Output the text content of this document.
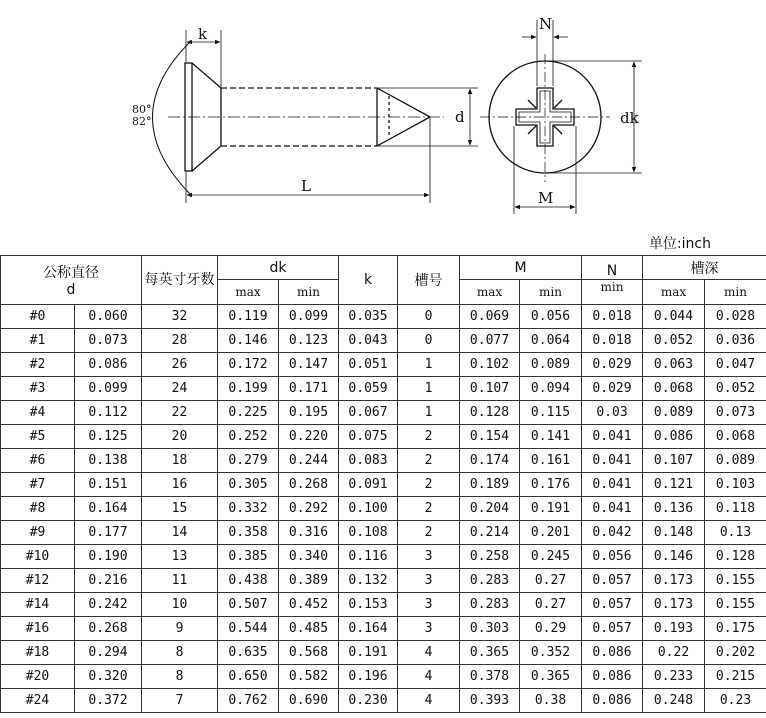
k
N
d	dk
L
M
80°
82°
单位:inch
公称直径
d		每英寸牙数	dk		k	槽号	M		N	槽深	
			max	min			max	min	min	max	min
#0	0.060	32	0.119	0.099	0.035	0	0.069	0.056	0.018	0.044	0.028
#1	0.073	28	0.146	0.123	0.043	0	0.077	0.064	0.018	0.052	0.036
#2	0.086	26	0.172	0.147	0.051	1	0.102	0.089	0.029	0.063	0.047
#3	0.099	24	0.199	0.171	0.059	1	0.107	0.094	0.029	0.068	0.052
#4	0.112	22	0.225	0.195	0.067	1	0.128	0.115	0.03	0.089	0.073
#5	0.125	20	0.252	0.220	0.075	2	0.154	0.141	0.041	0.086	0.068
#6	0.138	18	0.279	0.244	0.083	2	0.174	0.161	0.041	0.107	0.089
#7	0.151	16	0.305	0.268	0.091	2	0.189	0.176	0.041	0.121	0.103
#8	0.164	15	0.332	0.292	0.100	2	0.204	0.191	0.041	0.136	0.118
#9	0.177	14	0.358	0.316	0.108	2	0.214	0.201	0.042	0.148	0.13
#10	0.190	13	0.385	0.340	0.116	3	0.258	0.245	0.056	0.146	0.128
#12	0.216	11	0.438	0.389	0.132	3	0.283	0.27	0.057	0.173	0.155
#14	0.242	10	0.507	0.452	0.153	3	0.283	0.27	0.057	0.173	0.155
#16	0.268	9	0.544	0.485	0.164	3	0.303	0.29	0.057	0.193	0.175
#18	0.294	8	0.635	0.568	0.191	4	0.365	0.352	0.086	0.22	0.202
#20	0.320	8	0.650	0.582	0.196	4	0.378	0.365	0.086	0.233	0.215
#24	0.372	7	0.762	0.690	0.230	4	0.393	0.38	0.086	0.248	0.23
